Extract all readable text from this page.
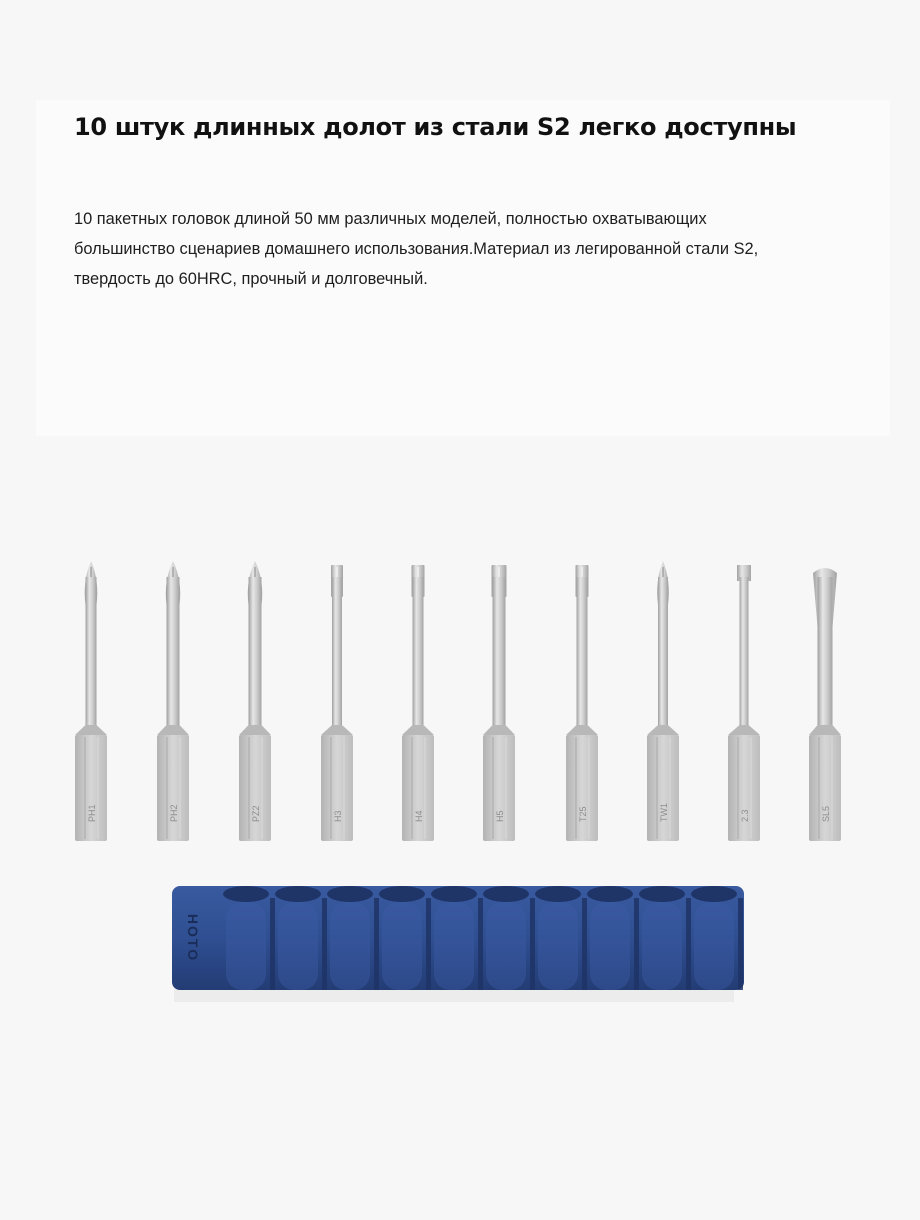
10 штук длинных долот из стали S2 легко доступны

10 пакетных головок длиной 50 мм различных моделей, полностью охватывающих
большинство сценариев домашнего использования.Материал из легированной стали S2,
твердость до 60HRC, прочный и долговечный.

PH1	PH2	PZ2	H3	H4	H5	T25	TW1	2.3	SL5
HOTO
